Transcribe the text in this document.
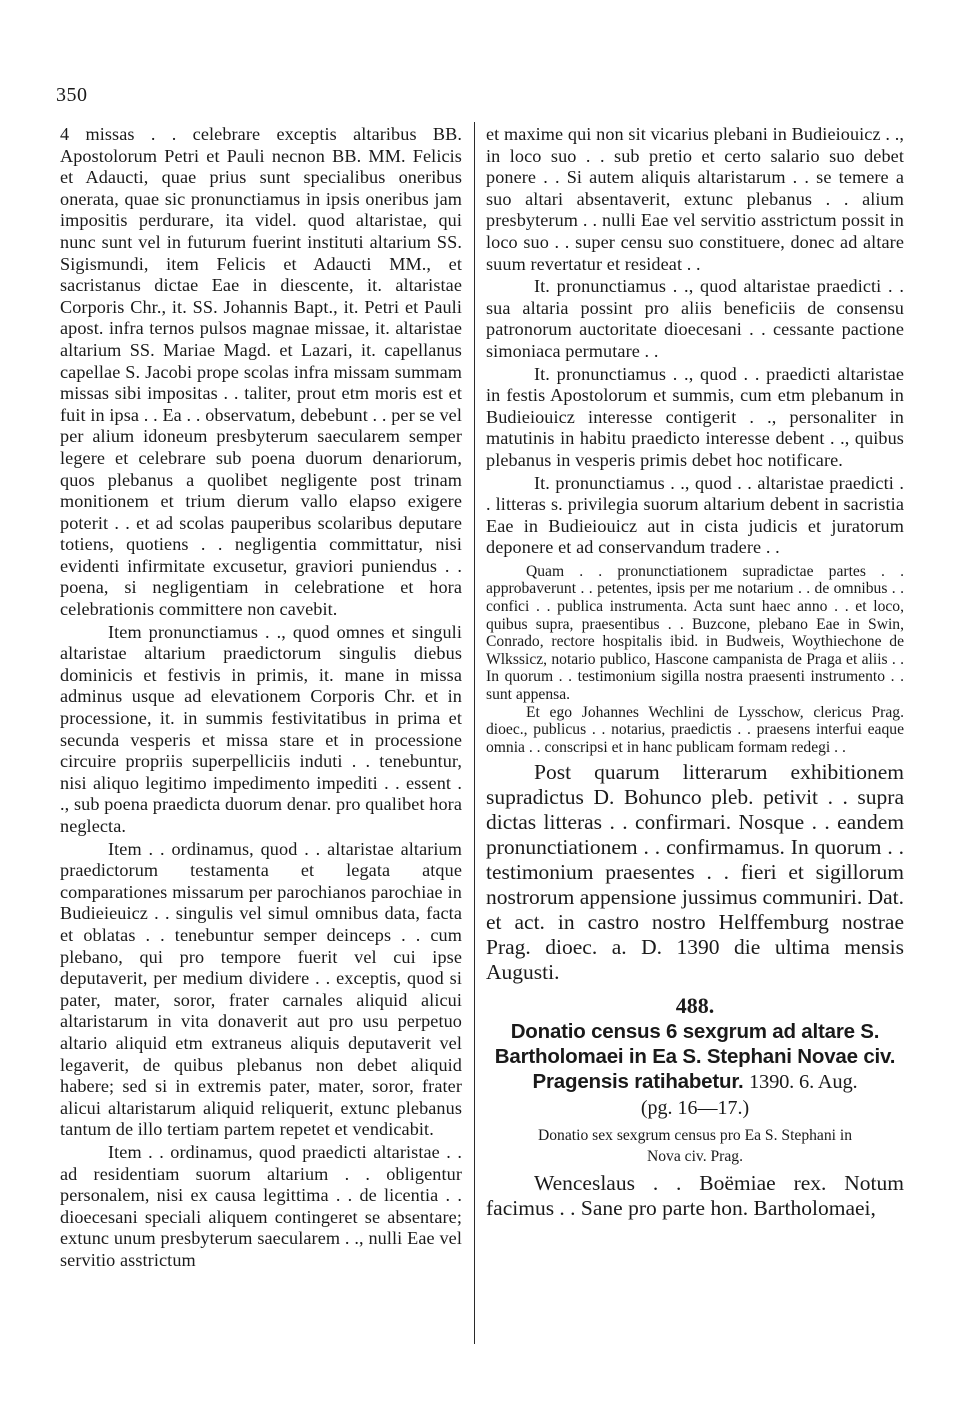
350

4 missas . . celebrare exceptis altaribus BB. Apostolorum Petri et Pauli necnon BB. MM. Felicis et Adaucti, quae prius sunt specialibus oneribus onerata, quae sic pronunctiamus in ipsis oneribus jam impositis perdurare, ita videl. quod altaristae, qui nunc sunt vel in futurum fuerint instituti altarium SS. Sigismundi, item Felicis et Adaucti MM., et sacristanus dictae Eae in diescente, it. altaristae Corporis Chr., it. SS. Johannis Bapt., it. Petri et Pauli apost. infra ternos pulsos magnae missae, it. altaristae altarium SS. Mariae Magd. et Lazari, it. capellanus capellae S. Jacobi prope scolas infra missam summam missas sibi impositas . . taliter, prout etm moris est et fuit in ipsa . . Ea . . observatum, debebunt . . per se vel per alium idoneum presbyterum saecularem semper legere et celebrare sub poena duorum denariorum, quos plebanus a quolibet negligente post trinam monitionem et trium dierum vallo elapso exigere poterit . . et ad scolas pauperibus scolaribus deputare totiens, quotiens . . negligentia committatur, nisi evidenti infirmitate excusetur, graviori puniendus . . poena, si negligentiam in celebratione et hora celebrationis committere non cavebit.

Item pronunctiamus . ., quod omnes et singuli altaristae altarium praedictorum singulis diebus dominicis et festivis in primis, it. mane in missa adminus usque ad elevationem Corporis Chr. et in processione, it. in summis festivitatibus in prima et secunda vesperis et missa stare et in processione circuire propriis superpelliciis induti . . tenebuntur, nisi aliquo legitimo impedimento impediti . . essent . ., sub poena praedicta duorum denar. pro qualibet hora neglecta.

Item . . ordinamus, quod . . altaristae altarium praedictorum testamenta et legata atque comparationes missarum per parochianos parochiae in Budieieuicz . . singulis vel simul omnibus data, facta et oblatas . . tenebuntur semper deinceps . . cum plebano, qui pro tempore fuerit vel cui ipse deputaverit, per medium dividere . . exceptis, quod si pater, mater, soror, frater carnales aliquid alicui altaristarum in vita donaverit aut pro usu perpetuo altario aliquid etm extraneus aliquis deputaverit vel legaverit, de quibus plebanus non debet aliquid habere; sed si in extremis pater, mater, soror, frater alicui altaristarum aliquid reliquerit, extunc plebanus tantum de illo tertiam partem repetet et vendicabit.

Item . . ordinamus, quod praedicti altaristae . . ad residentiam suorum altarium . . obligentur personalem, nisi ex causa legittima . . de licentia . . dioecesani speciali aliquem contingeret se absentare; extunc unum presbyterum saecularem . ., nulli Eae vel servitio asstrictum

et maxime qui non sit vicarius plebani in Budieiouicz . ., in loco suo . . sub pretio et certo salario suo debet ponere . . Si autem aliquis altaristarum . . se temere a suo altari absentaverit, extunc plebanus . . alium presbyterum . . nulli Eae vel servitio asstrictum possit in loco suo . . super censu suo constituere, donec ad altare suum revertatur et resideat . .

It. pronunctiamus . ., quod altaristae praedicti . . sua altaria possint pro aliis beneficiis de consensu patronorum auctoritate dioecesani . . cessante pactione simoniaca permutare . .

It. pronunctiamus . ., quod . . praedicti altaristae in festis Apostolorum et summis, cum etm plebanum in Budieiouicz interesse contigerit . ., personaliter in matutinis in habitu praedicto interesse debent . ., quibus plebanus in vesperis primis debet hoc notificare.

It. pronunctiamus . ., quod . . altaristae praedicti . . litteras s. privilegia suorum altarium debent in sacristia Eae in Budieiouicz aut in cista judicis et juratorum deponere et ad conservandum tradere . .

Quam . . pronunctiationem supradictae partes . . approbaverunt . . petentes, ipsis per me notarium . . de omnibus . . confici . . publica instrumenta. Acta sunt haec anno . . et loco, quibus supra, praesentibus . . Buzcone, plebano Eae in Swin, Conrado, rectore hospitalis ibid. in Budweis, Woythiechone de Wlkssicz, notario publico, Hascone campanista de Praga et aliis . . In quorum . . testimonium sigilla nostra praesenti instrumento . . sunt appensa.

Et ego Johannes Wechlini de Lysschow, clericus Prag. dioec., publicus . . notarius, praedictis . . praesens interfui eaque omnia . . conscripsi et in hanc publicam formam redegi . .

Post quarum litterarum exhibitionem supradictus D. Bohunco pleb. petivit . . supra dictas litteras . . confirmari. Nosque . . eandem pronunctiationem . . confirmamus. In quorum . . testimonium praesentes . . fieri et sigillorum nostrorum appensione jussimus communiri. Dat. et act. in castro nostro Helffemburg nostrae Prag. dioec. a. D. 1390 die ultima mensis Augusti.

488.

Donatio census 6 sexgrum ad altare S. Bartholomaei in Ea S. Stephani Novae civ. Pragensis ratihabetur. 1390. 6. Aug.

(pg. 16—17.)

Donatio sex sexgrum census pro Ea S. Stephani in

Nova civ. Prag.

Wenceslaus . . Boëmiae rex. Notum facimus . . Sane pro parte hon. Bartholomaei,
